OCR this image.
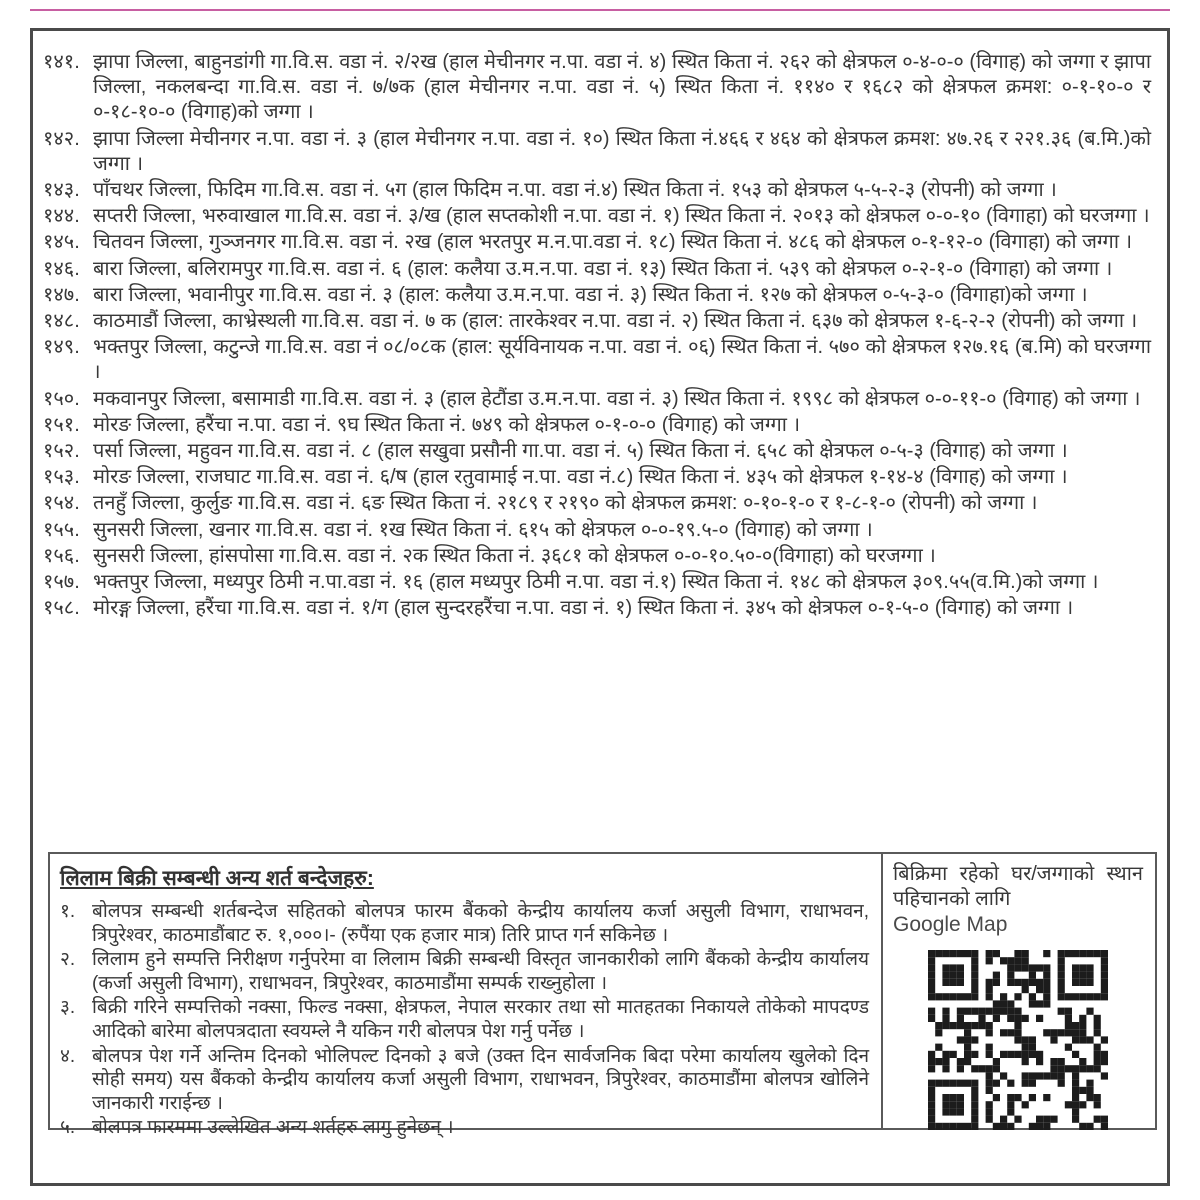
१४१. झापा जिल्ला, बाहुनडांगी गा.वि.स. वडा नं. २/२ख (हाल मेचीनगर न.पा. वडा नं. ४) स्थित किता नं. २६२ को क्षेत्रफल ०-४-०-० (विगाह) को जग्गा र झापा जिल्ला, नकलबन्दा गा.वि.स. वडा नं. ७/७क (हाल मेचीनगर न.पा. वडा नं. ५) स्थित किता नं. ११४० र १६८२ को क्षेत्रफल क्रमश: ०-१-१०-० र ०-१८-१०-० (विगाह)को जग्गा ।
१४२. झापा जिल्ला मेचीनगर न.पा. वडा नं. ३ (हाल मेचीनगर न.पा. वडा नं. १०) स्थित किता नं.४६६ र ४६४ को क्षेत्रफल क्रमश: ४७.२६ र २२१.३६ (ब.मि.)को जग्गा ।
१४३. पाँचथर जिल्ला, फिदिम गा.वि.स. वडा नं. ५ग (हाल फिदिम न.पा. वडा नं.४) स्थित किता नं. १५३ को क्षेत्रफल ५-५-२-३ (रोपनी) को जग्गा ।
१४४. सप्तरी जिल्ला, भरुवाखाल गा.वि.स. वडा नं. ३/ख (हाल सप्तकोशी न.पा. वडा नं. १) स्थित किता नं. २०१३ को क्षेत्रफल ०-०-१० (विगाहा) को घरजग्गा ।
१४५. चितवन जिल्ला, गुञ्जनगर गा.वि.स. वडा नं. २ख (हाल भरतपुर म.न.पा.वडा नं. १८) स्थित किता नं. ४८६ को क्षेत्रफल ०-१-१२-० (विगाहा) को जग्गा ।
१४६. बारा जिल्ला, बलिरामपुर गा.वि.स. वडा नं. ६ (हाल: कलैया उ.म.न.पा. वडा नं. १३) स्थित किता नं. ५३९ को क्षेत्रफल ०-२-१-० (विगाहा) को जग्गा ।
१४७. बारा जिल्ला, भवानीपुर गा.वि.स. वडा नं. ३ (हाल: कलैया उ.म.न.पा. वडा नं. ३) स्थित किता नं. १२७ को क्षेत्रफल ०-५-३-० (विगाहा)को जग्गा ।
१४८. काठमाडौं जिल्ला, काभ्रेस्थली गा.वि.स. वडा नं. ७ क (हाल: तारकेश्वर न.पा. वडा नं. २) स्थित किता नं. ६३७ को क्षेत्रफल १-६-२-२ (रोपनी) को जग्गा ।
१४९. भक्तपुर जिल्ला, कटुन्जे गा.वि.स. वडा नं ०८/०८क (हाल: सूर्यविनायक न.पा. वडा नं. ०६) स्थित किता नं. ५७० को क्षेत्रफल १२७.१६ (ब.मि) को घरजग्गा ।
१५०. मकवानपुर जिल्ला, बसामाडी गा.वि.स. वडा नं. ३ (हाल हेटौंडा उ.म.न.पा. वडा नं. ३) स्थित किता नं. १९९८ को क्षेत्रफल ०-०-११-० (विगाह) को जग्गा ।
१५१. मोरङ जिल्ला, हरैंचा न.पा. वडा नं. ९घ स्थित किता नं. ७४९ को क्षेत्रफल ०-१-०-० (विगाह) को जग्गा ।
१५२. पर्सा जिल्ला, महुवन गा.वि.स. वडा नं. ८ (हाल सखुवा प्रसौनी गा.पा. वडा नं. ५) स्थित किता नं. ६५८ को क्षेत्रफल ०-५-३ (विगाह) को जग्गा ।
१५३. मोरङ जिल्ला, राजघाट गा.वि.स. वडा नं. ६/ष (हाल रतुवामाई न.पा. वडा नं.८) स्थित किता नं. ४३५ को क्षेत्रफल १-१४-४ (विगाह) को जग्गा ।
१५४. तनहुँ जिल्ला, कुर्लुङ गा.वि.स. वडा नं. ६ङ स्थित किता नं. २१८९ र २१९० को क्षेत्रफल क्रमश: ०-१०-१-० र १-८-१-० (रोपनी) को जग्गा ।
१५५. सुनसरी जिल्ला, खनार गा.वि.स. वडा नं. १ख स्थित किता नं. ६१५ को क्षेत्रफल ०-०-१९.५-० (विगाह) को जग्गा ।
१५६. सुनसरी जिल्ला, हांसपोसा गा.वि.स. वडा नं. २क स्थित किता नं. ३६८१ को क्षेत्रफल ०-०-१०.५०-०(विगाहा) को घरजग्गा ।
१५७. भक्तपुर जिल्ला, मध्यपुर ठिमी न.पा.वडा नं. १६ (हाल मध्यपुर ठिमी न.पा. वडा नं.१) स्थित किता नं. १४८ को क्षेत्रफल ३०९.५५(व.मि.)को जग्गा ।
१५८. मोरङ्ग जिल्ला, हरैंचा गा.वि.स. वडा नं. १/ग (हाल सुन्दरहरैंचा न.पा. वडा नं. १) स्थित किता नं. ३४५ को क्षेत्रफल ०-१-५-० (विगाह) को जग्गा ।
लिलाम बिक्री सम्बन्धी अन्य शर्त बन्देजहरु:
१. बोलपत्र सम्बन्धी शर्तबन्देज सहितको बोलपत्र फारम बैंकको केन्द्रीय कार्यालय कर्जा असुली विभाग, राधाभवन, त्रिपुरेश्वर, काठमाडौंबाट रु. १,०००।- (रुपैंया एक हजार मात्र) तिरि प्राप्त गर्न सकिनेछ ।
२. लिलाम हुने सम्पत्ति निरीक्षण गर्नुपरेमा वा लिलाम बिक्री सम्बन्धी विस्तृत जानकारीको लागि बैंकको केन्द्रीय कार्यालय (कर्जा असुली विभाग), राधाभवन, त्रिपुरेश्वर, काठमाडौंमा सम्पर्क राख्नुहोला ।
३. बिक्री गरिने सम्पत्तिको नक्सा, फिल्ड नक्सा, क्षेत्रफल, नेपाल सरकार तथा सो मातहतका निकायले तोकेको मापदण्ड आदिको बारेमा बोलपत्रदाता स्वयम्ले नै यकिन गरी बोलपत्र पेश गर्नु पर्नेछ ।
४. बोलपत्र पेश गर्ने अन्तिम दिनको भोलिपल्ट दिनको ३ बजे (उक्त दिन सार्वजनिक बिदा परेमा कार्यालय खुलेको दिन सोही समय) यस बैंकको केन्द्रीय कार्यालय कर्जा असुली विभाग, राधाभवन, त्रिपुरेश्वर, काठमाडौंमा बोलपत्र खोलिने जानकारी गराईन्छ ।
५. बोलपत्र फारममा उल्लेखित अन्य शर्तहरु लागु हुनेछन् ।
बिक्रिमा रहेको घर/जग्गाको स्थान पहिचानको लागि
Google Map
